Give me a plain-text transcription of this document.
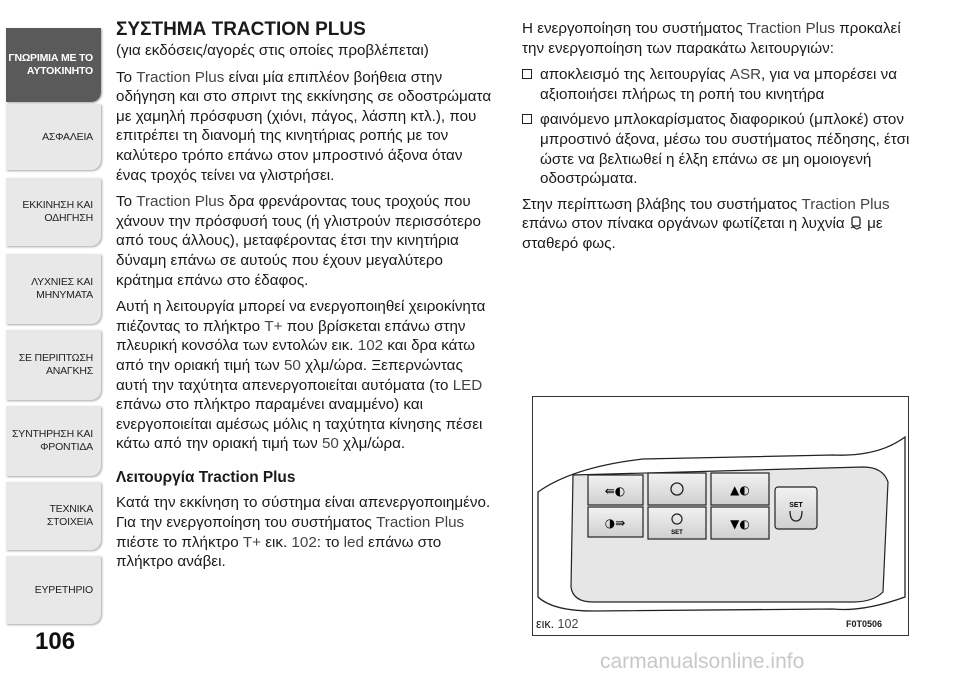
ΓΝΩΡΙΜΙΑ ΜΕ ΤΟ
ΑΥΤΟΚΙΝΗΤΟ
ΑΣΦΑΛΕΙΑ
ΕΚΚΙΝΗΣΗ ΚΑΙ
ΟΔΗΓΗΣΗ
ΛΥΧΝΙΕΣ ΚΑΙ
ΜΗΝΥΜΑΤΑ
ΣΕ ΠΕΡΙΠΤΩΣΗ
ΑΝΑΓΚΗΣ
ΣΥΝΤΗΡΗΣΗ ΚΑΙ
ΦΡΟΝΤΙΔΑ
ΤΕΧΝΙΚΑ ΣΤΟΙΧΕΙΑ
ΕΥΡΕΤΗΡΙΟ
106
ΣΥΣΤΗΜΑ TRACTION PLUS

(για εκδόσεις/αγορές στις οποίες προβλέπεται)

Το Traction Plus είναι μία επιπλέον βοήθεια στην οδήγηση και στο σπριντ της εκκίνησης σε οδοστρώματα με χαμηλή πρόσφυση (χιόνι, πάγος, λάσπη κτλ.), που επιτρέπει τη διανομή της κινητήριας ροπής με τον καλύτερο τρόπο επάνω στον μπροστινό άξονα όταν ένας τροχός τείνει να γλιστρήσει.

Το Traction Plus δρα φρενάροντας τους τροχούς που χάνουν την πρόσφυσή τους (ή γλιστρούν περισσότερο από τους άλλους), μεταφέροντας έτσι την κινητήρια δύναμη επάνω σε αυτούς που έχουν μεγαλύτερο κράτημα επάνω στο έδαφος.

Αυτή η λειτουργία μπορεί να ενεργοποιηθεί χειροκίνητα πιέζοντας το πλήκτρο T+ που βρίσκεται επάνω στην πλευρική κονσόλα των εντολών εικ. 102 και δρα κάτω από την οριακή τιμή των 50 χλμ/ώρα. Ξεπερνώντας αυτή την ταχύτητα απενεργοποιείται αυτόματα (το LED επάνω στο πλήκτρο παραμένει αναμμένο) και ενεργοποιείται αμέσως μόλις η ταχύτητα κίνησης πέσει κάτω από την οριακή τιμή των 50 χλμ/ώρα.

Λειτουργία Traction Plus

Κατά την εκκίνηση το σύστημα είναι απενεργοποιημένο. Για την ενεργοποίηση του συστήματος Traction Plus πιέστε το πλήκτρο T+ εικ. 102: το led επάνω στο πλήκτρο ανάβει.

Η ενεργοποίηση του συστήματος Traction Plus προκαλεί την ενεργοποίηση των παρακάτω λειτουργιών:

αποκλεισμό της λειτουργίας ASR, για να μπορέσει να αξιοποιήσει πλήρως τη ροπή του κινητήρα
φαινόμενο μπλοκαρίσματος διαφορικού (μπλοκέ) στον μπροστινό άξονα, μέσω του συστήματος πέδησης, έτσι ώστε να βελτιωθεί η έλξη επάνω σε μη ομοιογενή οδοστρώματα.

Στην περίπτωση βλάβης του συστήματος Traction Plus επάνω στον πίνακα οργάνων φωτίζεται η λυχνία  με σταθερό φως.

⇚◐
◑⇛
SET
▲◐
▼◐
SET
εικ. 102	F0T0506
carmanualsonline.info
